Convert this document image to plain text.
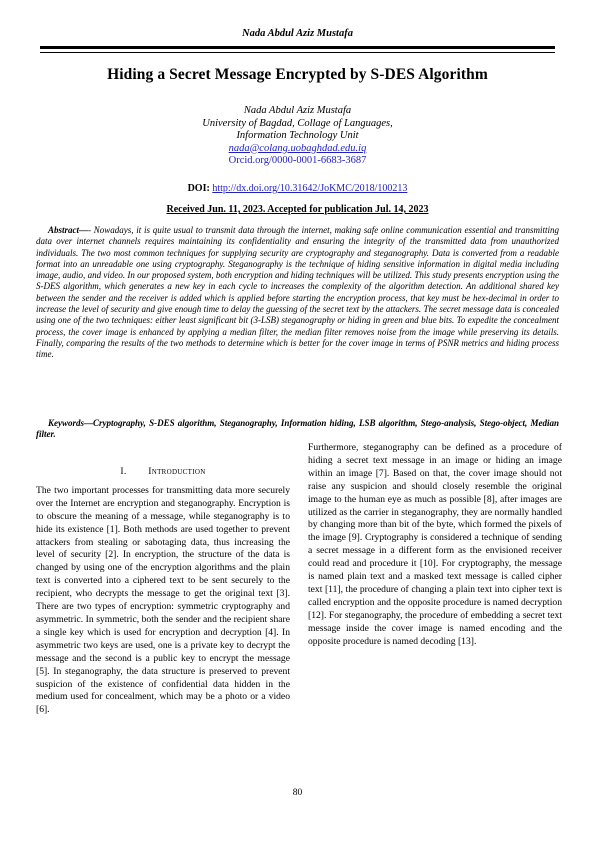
Nada Abdul Aziz Mustafa
Hiding a Secret Message Encrypted by S-DES Algorithm
Nada Abdul Aziz Mustafa
University of Bagdad, Collage of Languages,
Information Technology Unit
nada@colang.uobaghdad.edu.iq
Orcid.org/0000-0001-6683-3687
DOI: http://dx.doi.org/10.31642/JoKMC/2018/100213
Received Jun. 11, 2023. Accepted for publication Jul. 14, 2023
Abstract—- Nowadays, it is quite usual to transmit data through the internet, making safe online communication essential and transmitting data over internet channels requires maintaining its confidentiality and ensuring the integrity of the transmitted data from unauthorized individuals. The two most common techniques for supplying security are cryptography and steganography. Data is converted from a readable format into an unreadable one using cryptography. Steganography is the technique of hiding sensitive information in digital media including image, audio, and video. In our proposed system, both encryption and hiding techniques will be utilized. This study presents encryption using the S-DES algorithm, which generates a new key in each cycle to increases the complexity of the algorithm detection. An additional shared key between the sender and the receiver is added which is applied before starting the encryption process, that key must be hex-decimal in order to increase the level of security and give enough time to delay the guessing of the secret text by the attackers. The secret message data is concealed using one of the two techniques: either least significant bit (3-LSB) steganography or hiding in green and blue bits. To expedite the concealment process, the cover image is enhanced by applying a median filter, the median filter removes noise from the image while preserving its details. Finally, comparing the results of the two methods to determine which is better for the cover image in terms of PSNR metrics and hiding process time.
Keywords—Cryptography, S-DES algorithm, Steganography, Information hiding, LSB algorithm, Stego-analysis, Stego-object, Median filter.
I. Introduction
The two important processes for transmitting data more securely over the Internet are encryption and steganography. Encryption is to obscure the meaning of a message, while steganography is to hide its existence [1]. Both methods are used together to prevent attackers from stealing or sabotaging data, thus increasing the level of security [2]. In encryption, the structure of the data is changed by using one of the encryption algorithms and the plain text is converted into a ciphered text to be sent securely to the recipient, who decrypts the message to get the original text [3]. There are two types of encryption: symmetric cryptography and asymmetric. In symmetric, both the sender and the recipient share a single key which is used for encryption and decryption [4]. In asymmetric two keys are used, one is a private key to decrypt the message and the second is a public key to encrypt the message [5]. In steganography, the data structure is preserved to prevent suspicion of the existence of confidential data hidden in the medium used for concealment, which may be a photo or a video [6].
Furthermore, steganography can be defined as a procedure of hiding a secret text message in an image or hiding an image within an image [7]. Based on that, the cover image should not raise any suspicion and should closely resemble the original image to the human eye as much as possible [8], after images are utilized as the carrier in steganography, they are normally handled by changing more than bit of the byte, which formed the pixels of the image [9]. Cryptography is considered a technique of sending a secret message in a different form as the envisioned receiver could read and procedure it [10]. For cryptography, the message is named plain text and a masked text message is called cipher text [11], the procedure of changing a plain text into cipher text is called encryption and the opposite procedure is named decryption [12]. For steganography, the procedure of embedding a secret text message inside the cover image is named encoding and the opposite procedure is named decoding [13].
80
